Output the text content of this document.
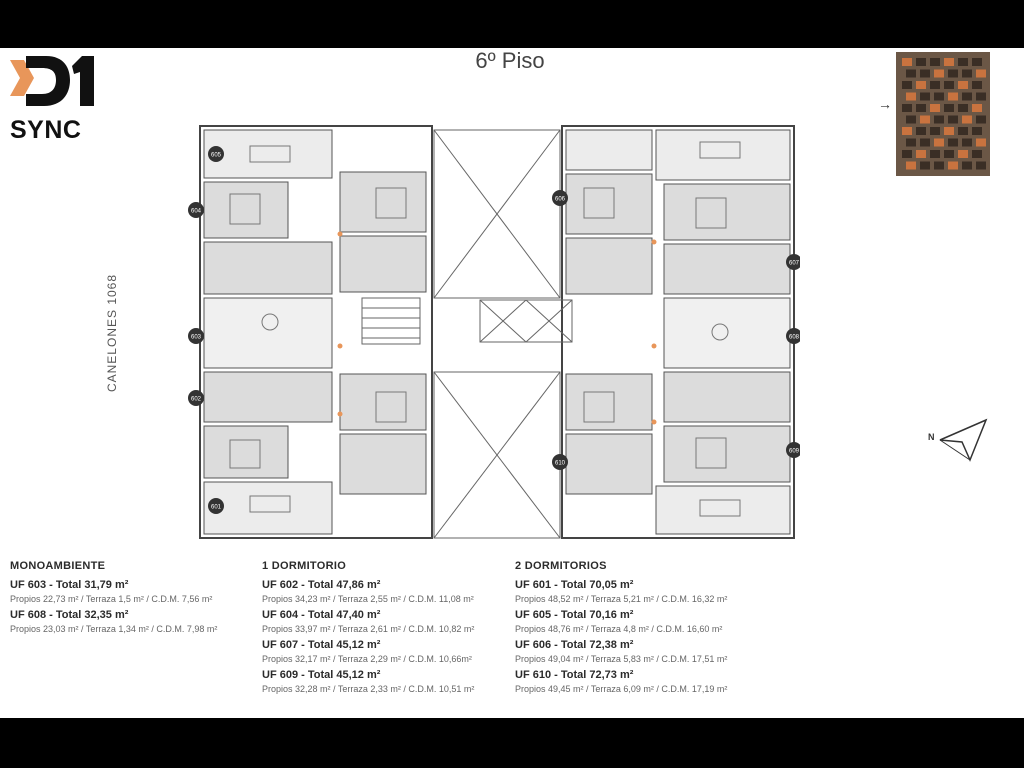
SYNC
6º Piso
→
CANELONES 1068
601
602
603
604
605
606
607
608
609
610
N
MONOAMBIENTE
UF 603 - Total 31,79 m²
Propios 22,73 m² / Terraza 1,5 m² / C.D.M. 7,56 m²
UF 608 - Total 32,35 m²
Propios 23,03 m² / Terraza 1,34 m² / C.D.M. 7,98 m²
1 DORMITORIO
UF 602 - Total 47,86 m²
Propios 34,23 m² / Terraza 2,55 m² / C.D.M. 11,08 m²
UF 604 - Total 47,40 m²
Propios 33,97 m² / Terraza 2,61 m² / C.D.M. 10,82 m²
UF 607 - Total 45,12 m²
Propios 32,17 m² / Terraza 2,29 m² / C.D.M. 10,66m²
UF 609 - Total 45,12 m²
Propios 32,28 m² / Terraza 2,33 m² / C.D.M. 10,51 m²
2 DORMITORIOS
UF 601 - Total 70,05 m²
Propios 48,52 m² / Terraza 5,21 m² / C.D.M. 16,32 m²
UF 605 - Total 70,16 m²
Propios 48,76 m² / Terraza 4,8 m² / C.D.M. 16,60 m²
UF 606 - Total 72,38 m²
Propios 49,04 m² / Terraza 5,83 m² / C.D.M. 17,51 m²
UF 610 - Total 72,73 m²
Propios 49,45 m² / Terraza 6,09 m² / C.D.M. 17,19 m²
